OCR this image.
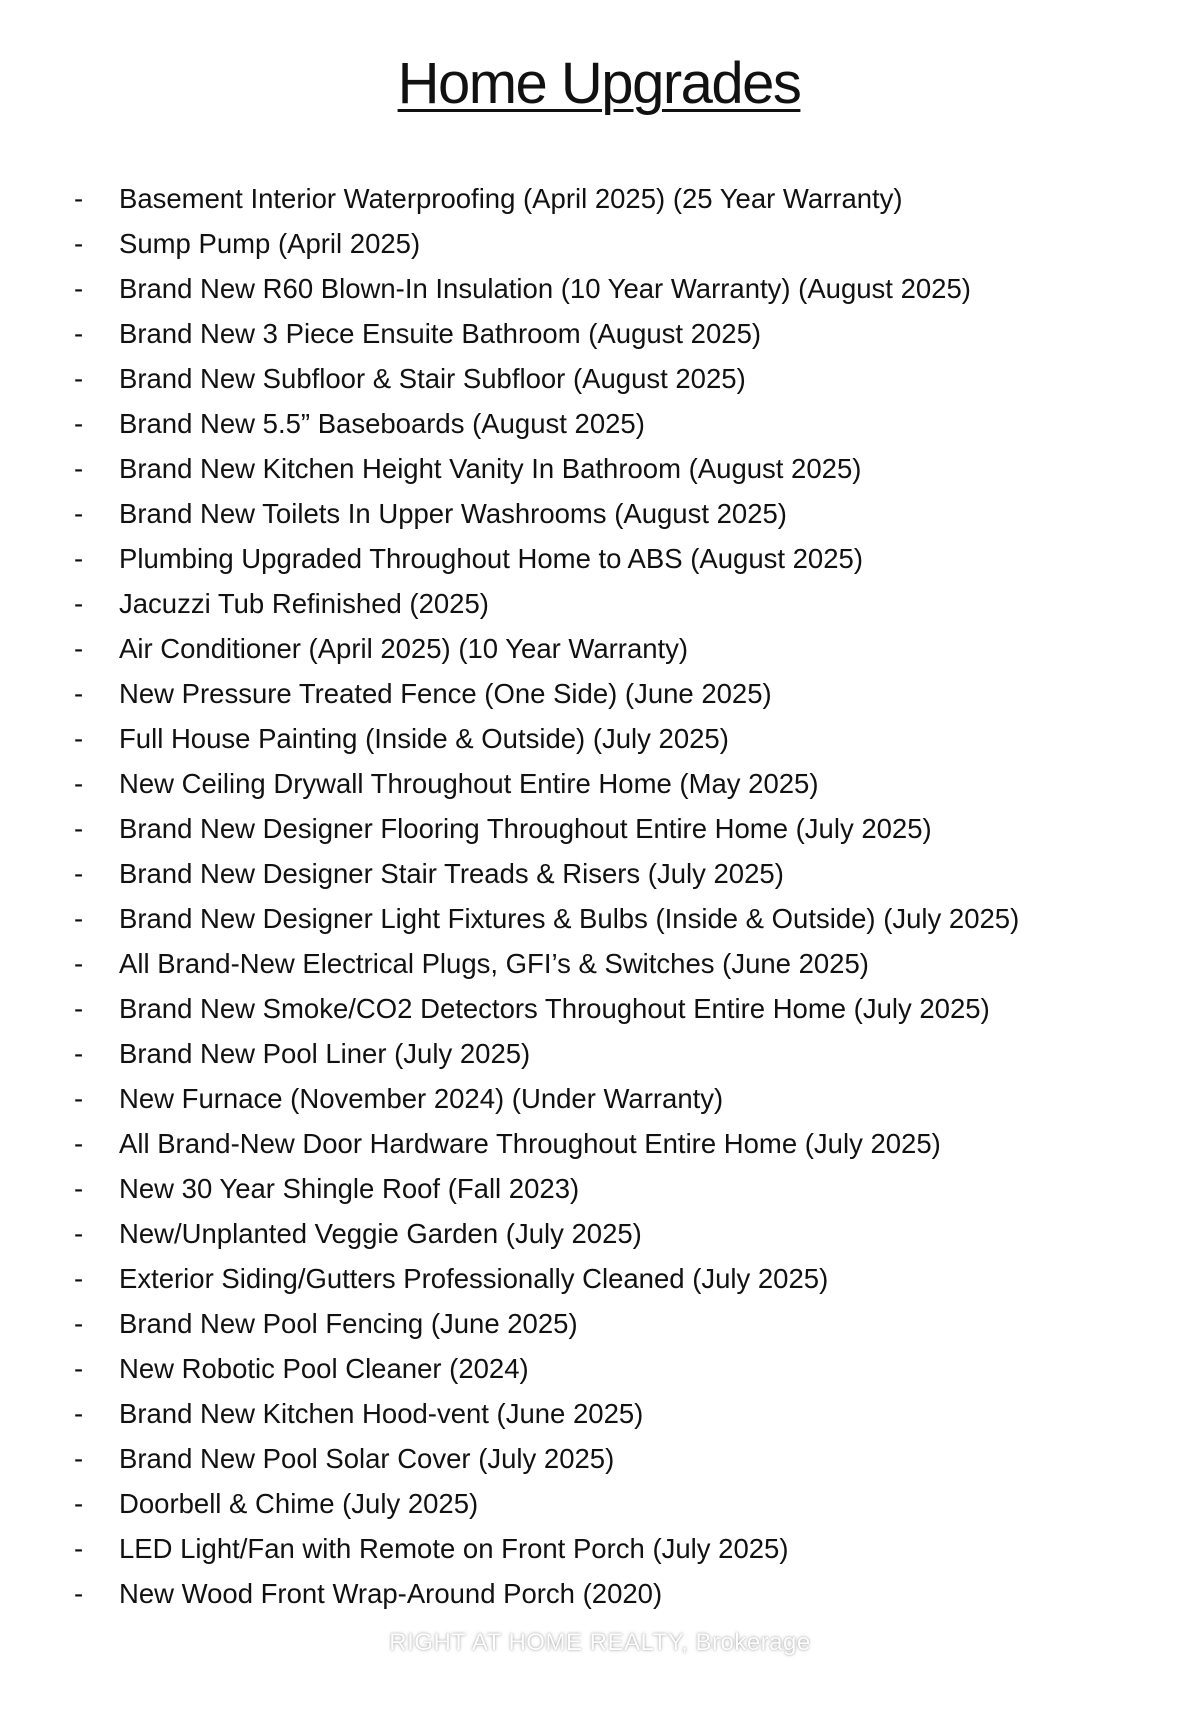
Home Upgrades
- Basement Interior Waterproofing (April 2025) (25 Year Warranty)
- Sump Pump (April 2025)
- Brand New R60 Blown-In Insulation (10 Year Warranty) (August 2025)
- Brand New 3 Piece Ensuite Bathroom (August 2025)
- Brand New Subfloor & Stair Subfloor (August 2025)
- Brand New 5.5” Baseboards (August 2025)
- Brand New Kitchen Height Vanity In Bathroom (August 2025)
- Brand New Toilets In Upper Washrooms (August 2025)
- Plumbing Upgraded Throughout Home to ABS (August 2025)
- Jacuzzi Tub Refinished (2025)
- Air Conditioner (April 2025) (10 Year Warranty)
- New Pressure Treated Fence (One Side) (June 2025)
- Full House Painting (Inside & Outside) (July 2025)
- New Ceiling Drywall Throughout Entire Home (May 2025)
- Brand New Designer Flooring Throughout Entire Home (July 2025)
- Brand New Designer Stair Treads & Risers (July 2025)
- Brand New Designer Light Fixtures & Bulbs (Inside & Outside) (July 2025)
- All Brand-New Electrical Plugs, GFI’s & Switches (June 2025)
- Brand New Smoke/CO2 Detectors Throughout Entire Home (July 2025)
- Brand New Pool Liner (July 2025)
- New Furnace (November 2024) (Under Warranty)
- All Brand-New Door Hardware Throughout Entire Home (July 2025)
- New 30 Year Shingle Roof (Fall 2023)
- New/Unplanted Veggie Garden (July 2025)
- Exterior Siding/Gutters Professionally Cleaned (July 2025)
- Brand New Pool Fencing (June 2025)
- New Robotic Pool Cleaner (2024)
- Brand New Kitchen Hood-vent (June 2025)
- Brand New Pool Solar Cover (July 2025)
- Doorbell & Chime (July 2025)
- LED Light/Fan with Remote on Front Porch (July 2025)
- New Wood Front Wrap-Around Porch (2020)
RIGHT AT HOME REALTY, Brokerage
